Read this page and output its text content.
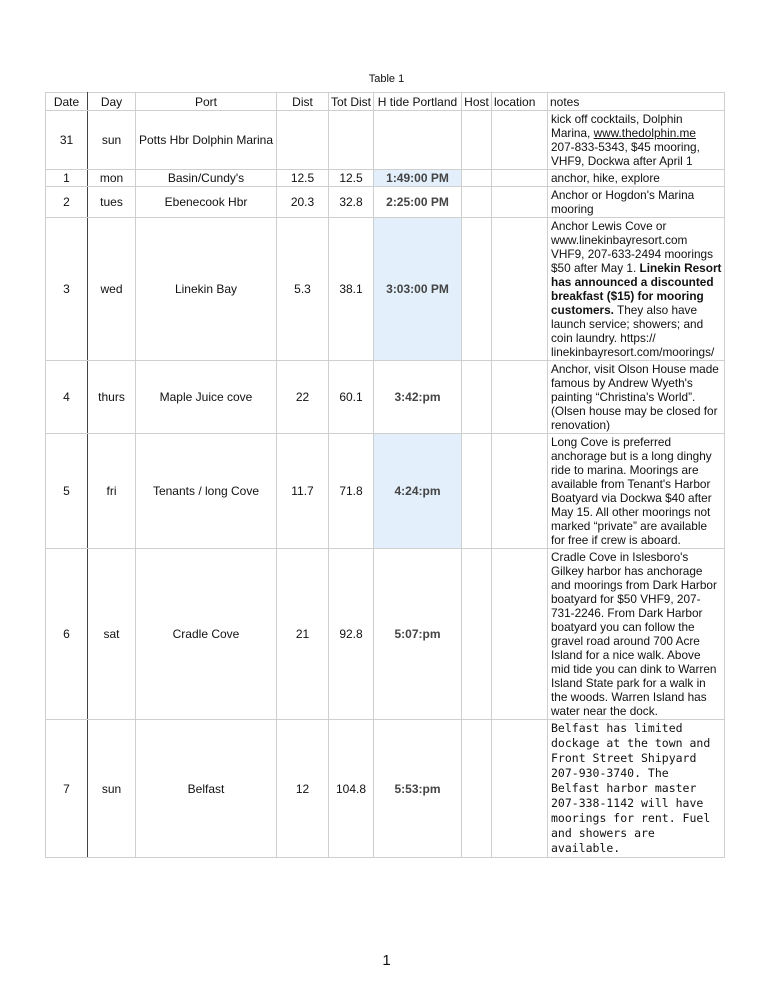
Table 1
Date	Day	Port	Dist	Tot Dist	H tide Portland	Host	location	notes
31	sun	Potts Hbr Dolphin Marina						kick off cocktails, Dolphin Marina, www.thedolphin.me 207-833-5343, $45 mooring, VHF9, Dockwa after April 1
1	mon	Basin/Cundy's	12.5	12.5	1:49:00 PM			anchor, hike, explore
2	tues	Ebenecook Hbr	20.3	32.8	2:25:00 PM			Anchor or Hogdon's Marina mooring
3	wed	Linekin Bay	5.3	38.1	3:03:00 PM			Anchor Lewis Cove or www.linekinbayresort.com VHF9, 207-633-2494 moorings $50 after May 1. Linekin Resort has announced a discounted breakfast ($15) for mooring customers. They also have launch service; showers; and coin laundry. https:// linekinbayresort.com/moorings/
4	thurs	Maple Juice cove	22	60.1	3:42:pm			Anchor, visit Olson House made famous by Andrew Wyeth's painting “Christina's World”. (Olsen house may be closed for renovation)
5	fri	Tenants / long Cove	11.7	71.8	4:24:pm			Long Cove is preferred anchorage but is a long dinghy ride to marina. Moorings are available from Tenant's Harbor Boatyard via Dockwa $40 after May 15. All other moorings not marked “private” are available for free if crew is aboard.
6	sat	Cradle Cove	21	92.8	5:07:pm			Cradle Cove in Islesboro's Gilkey harbor has anchorage and moorings from Dark Harbor boatyard for $50 VHF9, 207-731-2246. From Dark Harbor boatyard you can follow the gravel road around 700 Acre Island for a nice walk. Above mid tide you can dink to Warren Island State park for a walk in the woods. Warren Island has water near the dock.
7	sun	Belfast	12	104.8	5:53:pm			Belfast has limited dockage at the town and Front Street Shipyard 207-930-3740. The Belfast harbor master 207-338-1142 will have moorings for rent. Fuel and showers are available.
1
